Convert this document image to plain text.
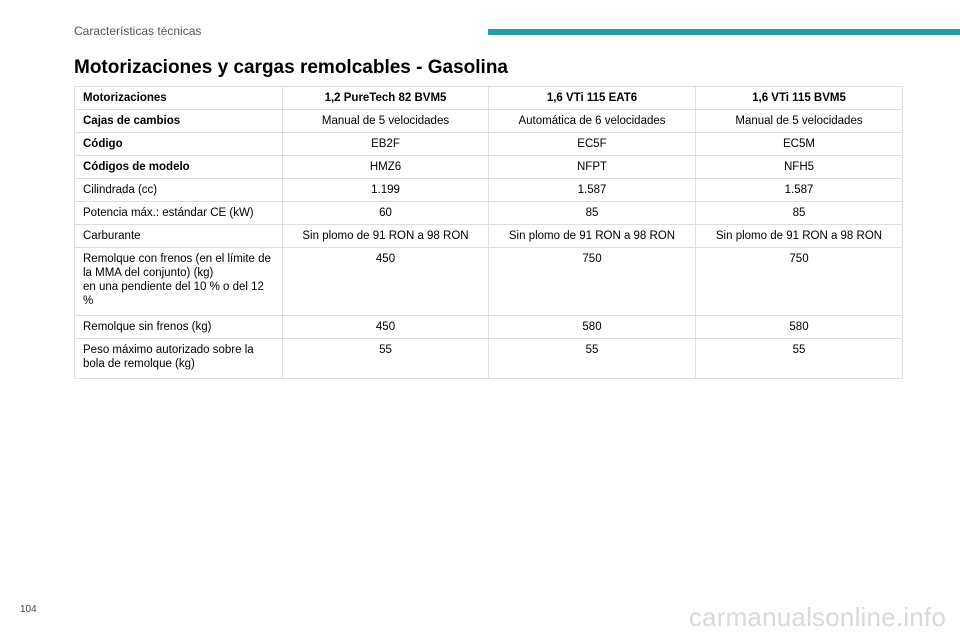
Características técnicas
Motorizaciones y cargas remolcables - Gasolina
Motorizaciones	1,2 PureTech 82 BVM5	1,6 VTi 115 EAT6	1,6 VTi 115 BVM5
Cajas de cambios	Manual de 5 velocidades	Automática de 6 velocidades	Manual de 5 velocidades
Código	EB2F	EC5F	EC5M
Códigos de modelo	HMZ6	NFPT	NFH5
Cilindrada (cc)	1.199	1.587	1.587
Potencia máx.: estándar CE (kW)	60	85	85
Carburante	Sin plomo de 91 RON a 98 RON	Sin plomo de 91 RON a 98 RON	Sin plomo de 91 RON a 98 RON
Remolque con frenos (en el límite de la MMA del conjunto) (kg)
en una pendiente del 10 % o del 12 %	450	750	750
Remolque sin frenos (kg)	450	580	580
Peso máximo autorizado sobre la bola de remolque (kg)	55	55	55
104	carmanualsonline.info
